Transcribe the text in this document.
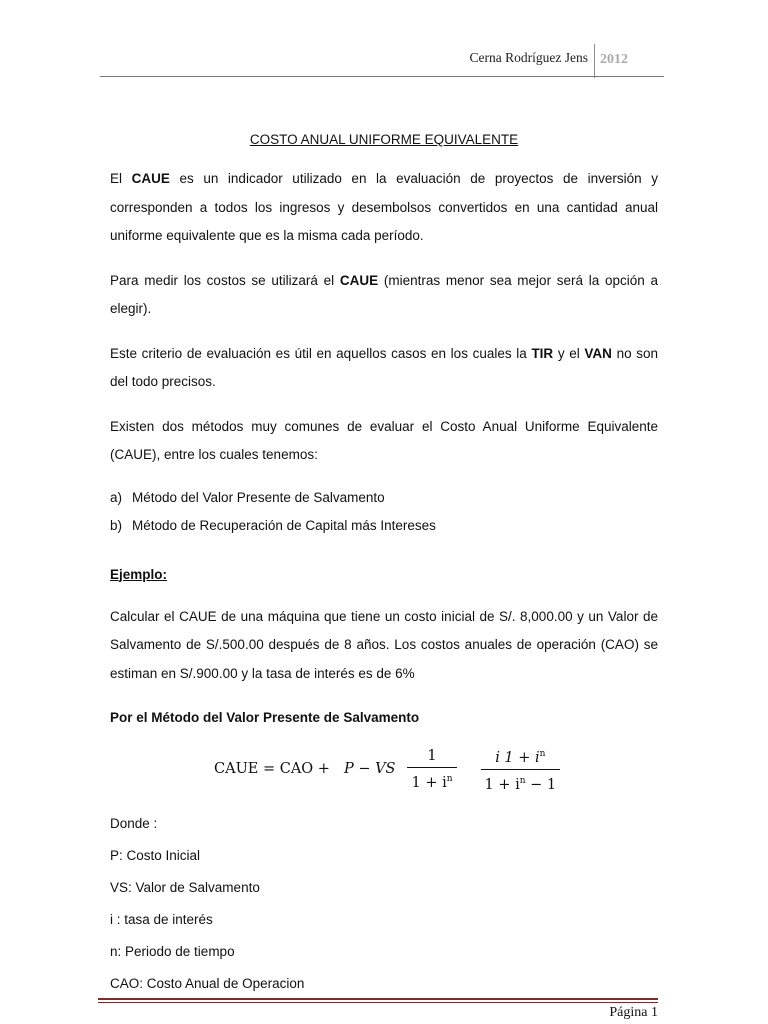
Cerna Rodríguez Jens 2012
COSTO ANUAL UNIFORME EQUIVALENTE

El CAUE es un indicador utilizado en la evaluación de proyectos de inversión y corresponden a todos los ingresos y desembolsos convertidos en una cantidad anual uniforme equivalente que es la misma cada período.

Para medir los costos se utilizará el CAUE (mientras menor sea mejor será la opción a elegir).

Este criterio de evaluación es útil en aquellos casos en los cuales la TIR y el VAN no son del todo precisos.

Existen dos métodos muy comunes de evaluar el Costo Anual Uniforme Equivalente (CAUE), entre los cuales tenemos:

a) Método del Valor Presente de Salvamento
b) Método de Recuperación de Capital más Intereses
Ejemplo:

Calcular el CAUE de una máquina que tiene un costo inicial de S/. 8,000.00 y un Valor de Salvamento de S/.500.00 después de 8 años. Los costos anuales de operación (CAO) se estiman en S/.900.00 y la tasa de interés es de 6%

Por el Método del Valor Presente de Salvamento
CAUE = CAO + P − VS $\frac{1}{1 + i^n} \frac{i 1 + i^n}{1 + i^n - 1}$
Donde :
P: Costo Inicial
VS: Valor de Salvamento
i : tasa de interés
n: Periodo de tiempo
CAO: Costo Anual de Operacion
Página 1
